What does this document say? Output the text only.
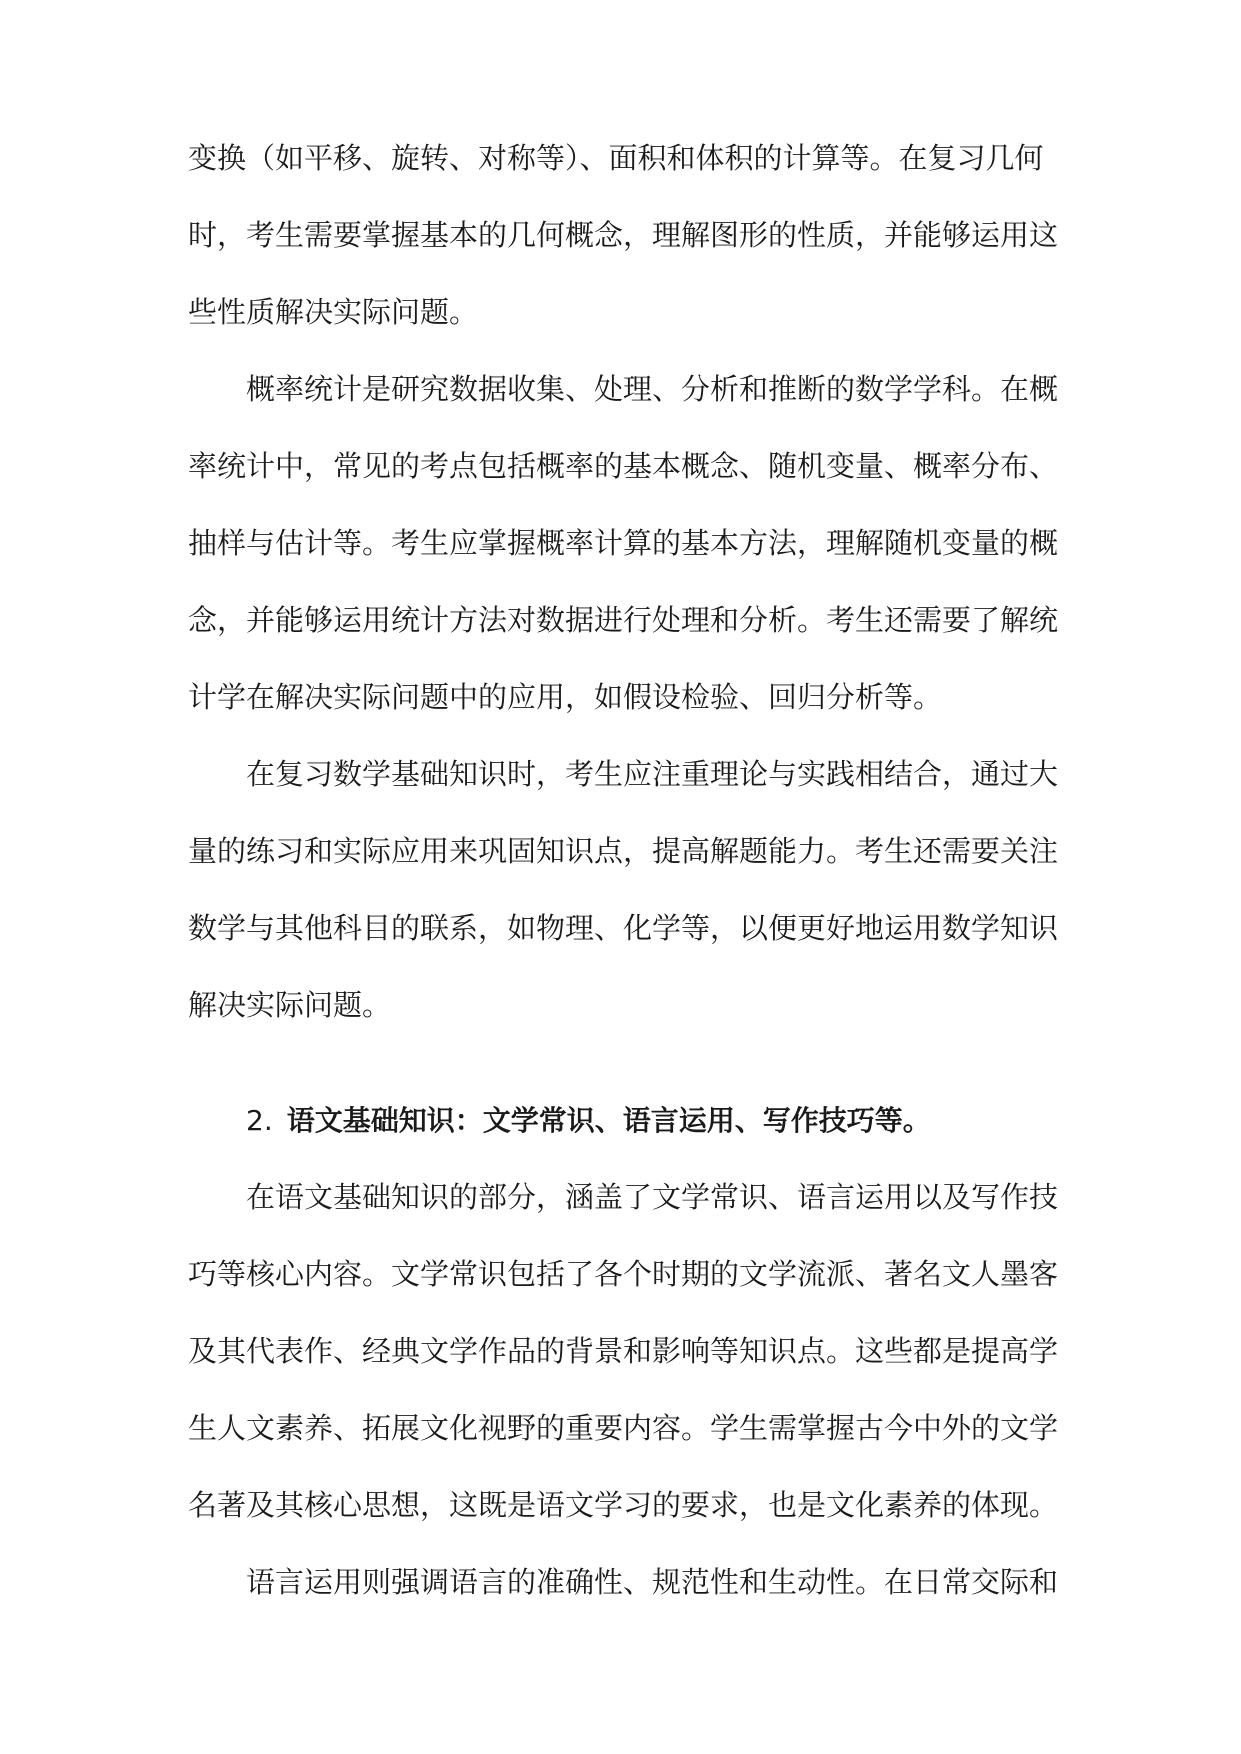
变换（如平移、旋转、对称等）、面积和体积的计算等。在复习几何
时，考生需要掌握基本的几何概念，理解图形的性质，并能够运用这
些性质解决实际问题。
概率统计是研究数据收集、处理、分析和推断的数学学科。在概
率统计中，常见的考点包括概率的基本概念、随机变量、概率分布、
抽样与估计等。考生应掌握概率计算的基本方法，理解随机变量的概
念，并能够运用统计方法对数据进行处理和分析。考生还需要了解统
计学在解决实际问题中的应用，如假设检验、回归分析等。
在复习数学基础知识时，考生应注重理论与实践相结合，通过大
量的练习和实际应用来巩固知识点，提高解题能力。考生还需要关注
数学与其他科目的联系，如物理、化学等，以便更好地运用数学知识
解决实际问题。
2. 语文基础知识：文学常识、语言运用、写作技巧等。
在语文基础知识的部分，涵盖了文学常识、语言运用以及写作技
巧等核心内容。文学常识包括了各个时期的文学流派、著名文人墨客
及其代表作、经典文学作品的背景和影响等知识点。这些都是提高学
生人文素养、拓展文化视野的重要内容。学生需掌握古今中外的文学
名著及其核心思想，这既是语文学习的要求，也是文化素养的体现。
语言运用则强调语言的准确性、规范性和生动性。在日常交际和
